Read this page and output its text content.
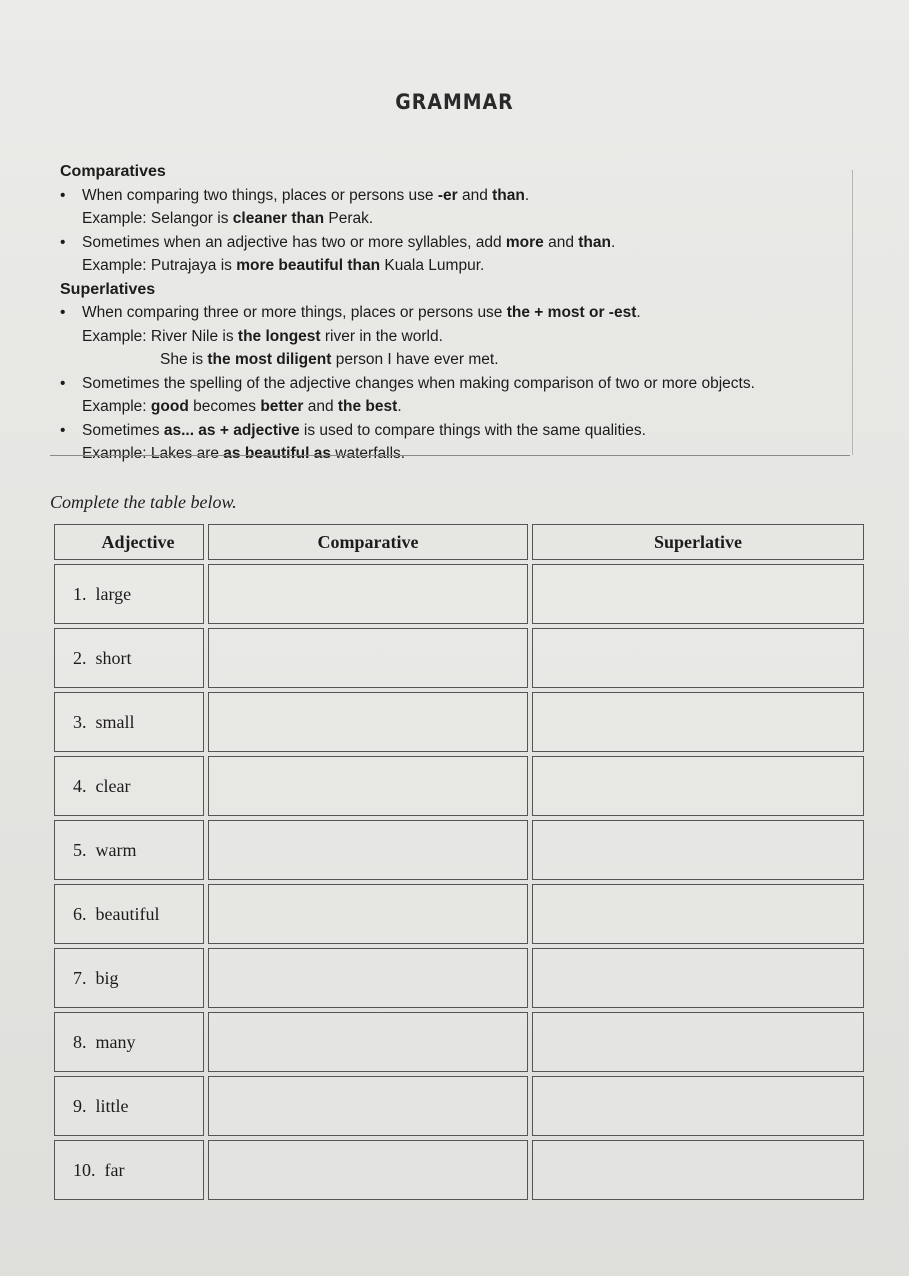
GRAMMAR
Comparatives
• When comparing two things, places or persons use -er and than.
Example: Selangor is cleaner than Perak.
• Sometimes when an adjective has two or more syllables, add more and than.
Example: Putrajaya is more beautiful than Kuala Lumpur.
Superlatives
• When comparing three or more things, places or persons use the + most or -est.
Example: River Nile is the longest river in the world.
She is the most diligent person I have ever met.
• Sometimes the spelling of the adjective changes when making comparison of two or more objects.
Example: good becomes better and the best.
• Sometimes as... as + adjective is used to compare things with the same qualities.
Example: Lakes are as beautiful as waterfalls.
Complete the table below.
Adjective	Comparative	Superlative
1.
large
2.
short
3.
small
4.
clear
5.
warm
6.
beautiful
7.
big
8.
many
9.
little
10.
far
